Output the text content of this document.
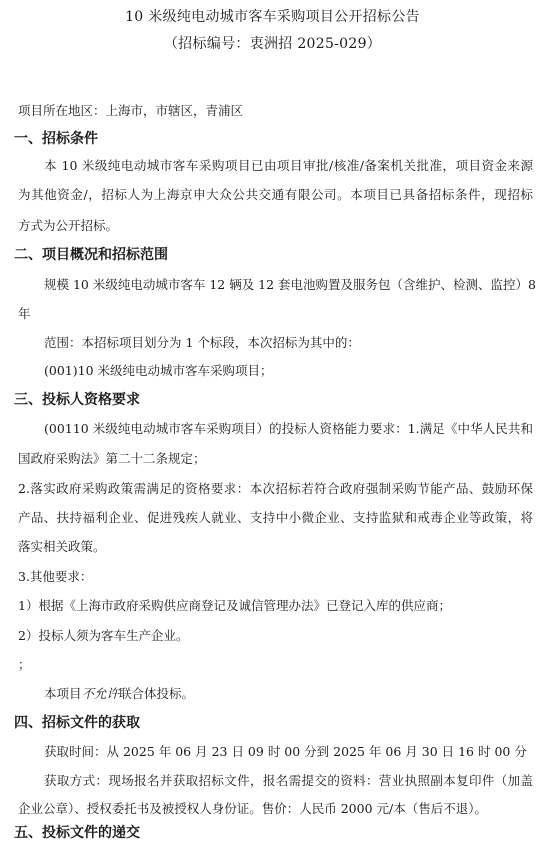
10 米级纯电动城市客车采购项目公开招标公告
（招标编号：衷洲招 2025-029）
项目所在地区：上海市，市辖区，青浦区
一、招标条件
本 10 米级纯电动城市客车采购项目已由项目审批/核准/备案机关批准，项目资金来源
为其他资金/，招标人为上海京申大众公共交通有限公司。本项目已具备招标条件，现招标
方式为公开招标。
二、项目概况和招标范围
规模 10 米级纯电动城市客车 12 辆及 12 套电池购置及服务包（含维护、检测、监控）8
年
范围：本招标项目划分为 1 个标段，本次招标为其中的：
(001)10 米级纯电动城市客车采购项目；
三、投标人资格要求
(00110 米级纯电动城市客车采购项目）的投标人资格能力要求：1.满足《中华人民共和
国政府采购法》第二十二条规定；
2.落实政府采购政策需满足的资格要求：本次招标若符合政府强制采购节能产品、鼓励环保
产品、扶持福利企业、促进残疾人就业、支持中小微企业、支持监狱和戒毒企业等政策，将
落实相关政策。
3.其他要求：
1）根据《上海市政府采购供应商登记及诚信管理办法》已登记入库的供应商；
2）投标人须为客车生产企业。
；
本项目不允许联合体投标。
四、招标文件的获取
获取时间：从 2025 年 06 月 23 日 09 时 00 分到 2025 年 06 月 30 日 16 时 00 分
获取方式：现场报名并获取招标文件，报名需提交的资料：营业执照副本复印件（加盖
企业公章）、授权委托书及被授权人身份证。售价：人民币 2000 元/本（售后不退）。
五、投标文件的递交
